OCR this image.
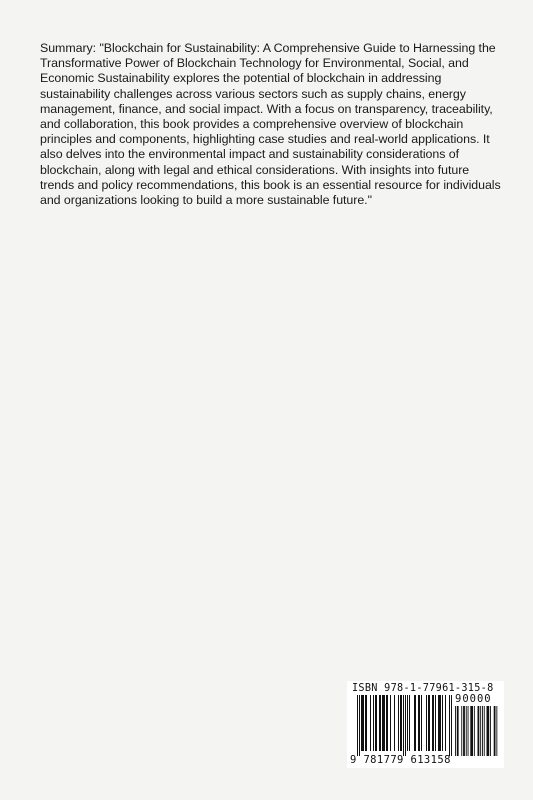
Summary: "Blockchain for Sustainability: A Comprehensive Guide to Harnessing the Transformative Power of Blockchain Technology for Environmental, Social, and Economic Sustainability explores the potential of blockchain in addressing sustainability challenges across various sectors such as supply chains, energy management, finance, and social impact. With a focus on transparency, traceability, and collaboration, this book provides a comprehensive overview of blockchain principles and components, highlighting case studies and real-world applications. It also delves into the environmental impact and sustainability considerations of blockchain, along with legal and ethical considerations. With insights into future trends and policy recommendations, this book is an essential resource for individuals and organizations looking to build a more sustainable future."

ISBN 978-1-77961-315-8
90000
9 781779 613158
